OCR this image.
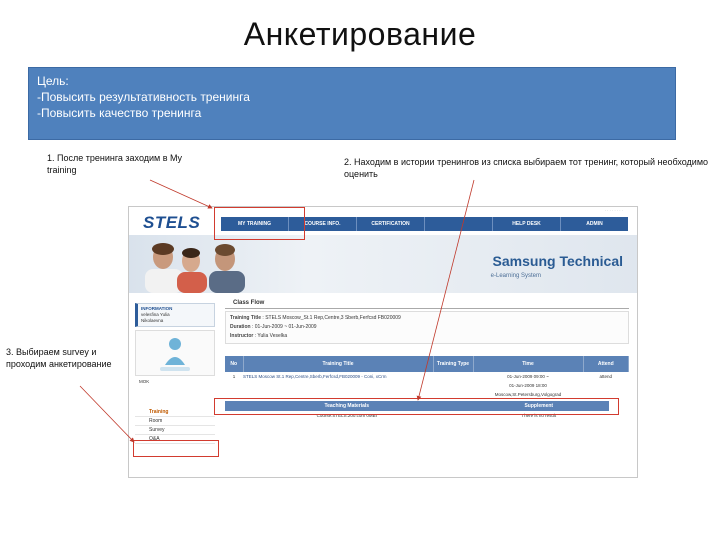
Анкетирование
Цель:
-Повысить результативность тренинга
-Повысить качество тренинга
1. После тренинга заходим в My training
2. Находим в истории тренингов из списка выбираем тот тренинг, который необходимо оценить
3. Выбираем survey и проходим анкетирование
· · · · · · · ·
STELS
	MY TRAINING	COURSE INFO.	CERTIFICATION	HELP DESK	ADMIN
Samsung Technical
e-Learning System
INFORMATION
velesfina Yulia
Nikolaevna
MOK
Training
Room
Survey
Q&A
Class Flow
Training Title : STELS Moscow_St.1 Rep,Centre,3 Sberb,Ferfcsd FB020009
Duration : 01-Jun-2009 ~ 01-Jun-2009
Instructor : Yulia Veselka
No	Training Title	Training Type	Time	Attend
1	STELS Moscow St.1 Rep,Centre,Sberb,Ferfcsd,FB020009 - Coni, xCrm		01-Jun-2009 09:00 ~	attend
			01-Jun-2009 18:00	
			Moscow,St.Petersburg,Volgograd	
Teaching Materials	Supplement
Course.STELS.200.com 0MBI	There is no result
